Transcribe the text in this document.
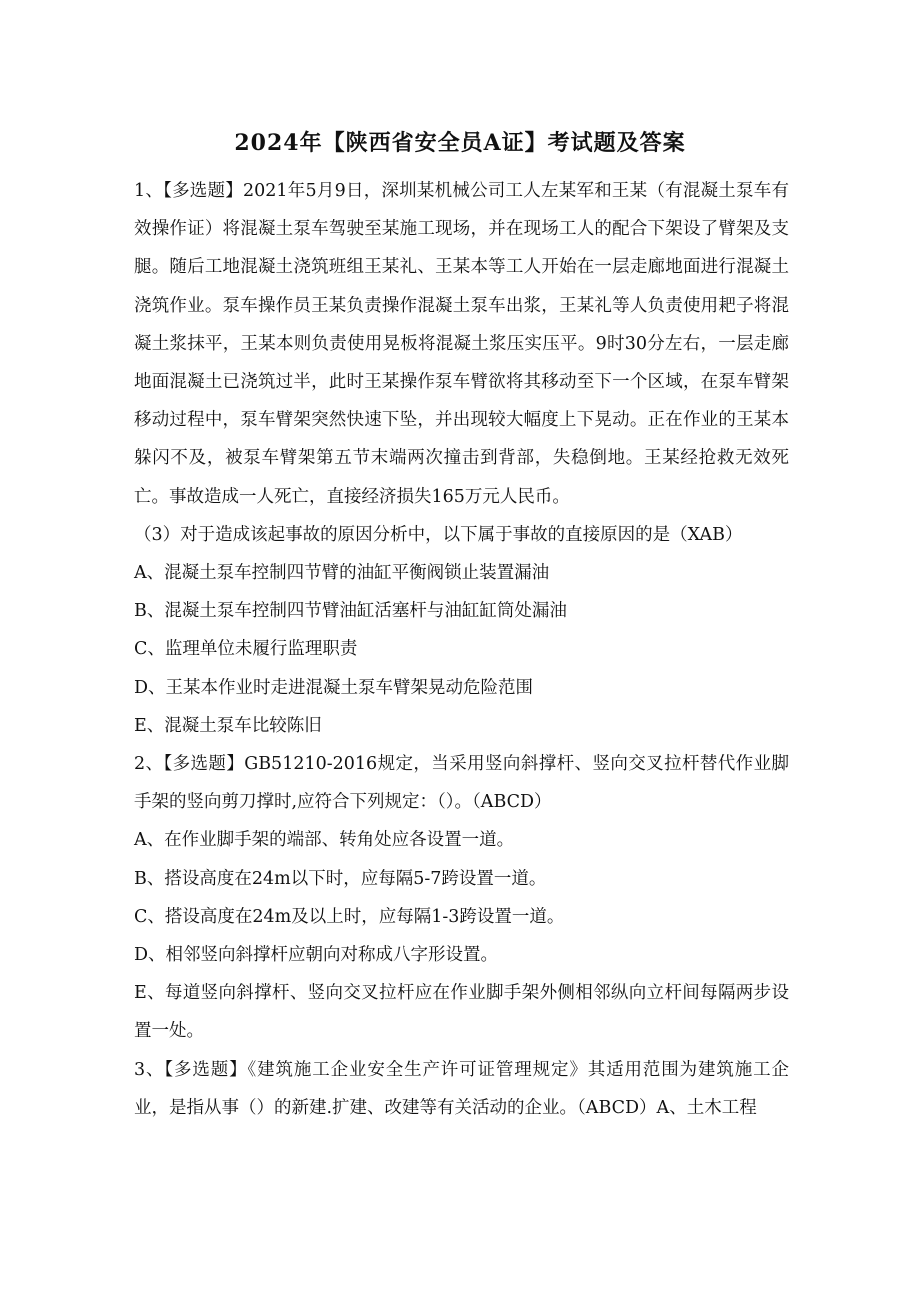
2024年【陕西省安全员A证】考试题及答案

1、【多选题】2021年5月9日，深圳某机械公司工人左某军和王某（有混凝土泵车有效操作证）将混凝土泵车驾驶至某施工现场，并在现场工人的配合下架设了臂架及支腿。随后工地混凝土浇筑班组王某礼、王某本等工人开始在一层走廊地面进行混凝土浇筑作业。泵车操作员王某负责操作混凝土泵车出浆，王某礼等人负责使用耙子将混凝土浆抹平，王某本则负责使用晃板将混凝土浆压实压平。9时30分左右，一层走廊地面混凝土已浇筑过半，此时王某操作泵车臂欲将其移动至下一个区域，在泵车臂架移动过程中，泵车臂架突然快速下坠，并出现较大幅度上下晃动。正在作业的王某本躲闪不及，被泵车臂架第五节末端两次撞击到背部，失稳倒地。王某经抢救无效死亡。事故造成一人死亡，直接经济损失165万元人民币。

（3）对于造成该起事故的原因分析中，以下属于事故的直接原因的是（XAB）

A、混凝土泵车控制四节臂的油缸平衡阀锁止装置漏油

B、混凝土泵车控制四节臂油缸活塞杆与油缸缸筒处漏油

C、监理单位未履行监理职责

D、王某本作业时走进混凝土泵车臂架晃动危险范围

E、混凝土泵车比较陈旧

2、【多选题】GB51210-2016规定，当采用竖向斜撑杆、竖向交叉拉杆替代作业脚手架的竖向剪刀撑时,应符合下列规定：（）。（ABCD）

A、在作业脚手架的端部、转角处应各设置一道。

B、搭设高度在24m以下时，应每隔5-7跨设置一道。

C、搭设高度在24m及以上时，应每隔1-3跨设置一道。

D、相邻竖向斜撑杆应朝向对称成八字形设置。

E、每道竖向斜撑杆、竖向交叉拉杆应在作业脚手架外侧相邻纵向立杆间每隔两步设置一处。

3、【多选题】《建筑施工企业安全生产许可证管理规定》其适用范围为建筑施工企业，是指从事（）的新建.扩建、改建等有关活动的企业。（ABCD）A、土木工程
